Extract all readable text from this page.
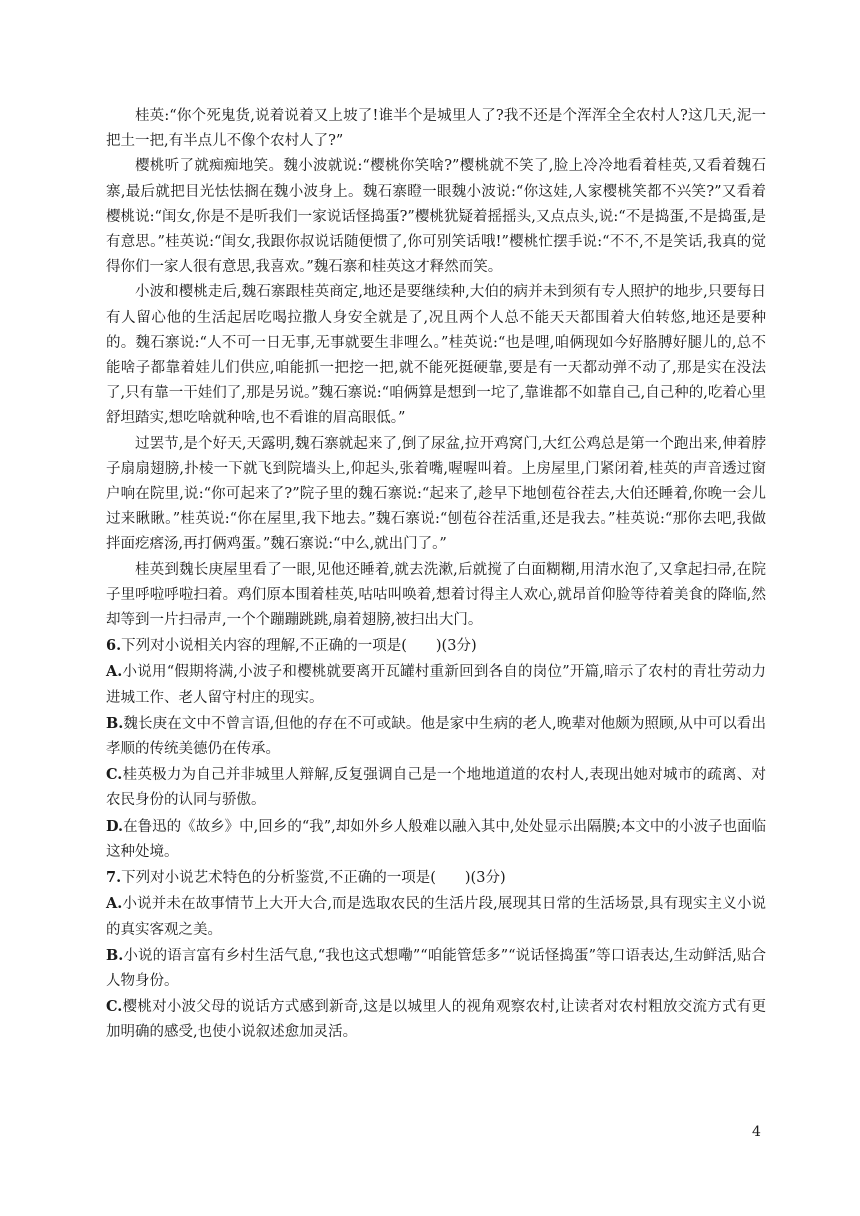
桂英:“你个死鬼货,说着说着又上坡了!谁半个是城里人了?我不还是个浑浑全全农村人?这几天,泥一把土一把,有半点儿不像个农村人了?”

樱桃听了就痴痴地笑。魏小波就说:“樱桃你笑啥?”樱桃就不笑了,脸上冷冷地看着桂英,又看着魏石寨,最后就把目光怯怯搁在魏小波身上。魏石寨瞪一眼魏小波说:“你这娃,人家樱桃笑都不兴笑?”又看着樱桃说:“闺女,你是不是听我们一家说话怪捣蛋?”樱桃犹疑着摇摇头,又点点头,说:“不是捣蛋,不是捣蛋,是有意思。”桂英说:“闺女,我跟你叔说话随便惯了,你可别笑话哦!”樱桃忙摆手说:“不不,不是笑话,我真的觉得你们一家人很有意思,我喜欢。”魏石寨和桂英这才释然而笑。

小波和樱桃走后,魏石寨跟桂英商定,地还是要继续种,大伯的病并未到须有专人照护的地步,只要每日有人留心他的生活起居吃喝拉撒人身安全就是了,况且两个人总不能天天都围着大伯转悠,地还是要种的。魏石寨说:“人不可一日无事,无事就要生非哩么。”桂英说:“也是哩,咱俩现如今好胳膊好腿儿的,总不能啥子都靠着娃儿们供应,咱能抓一把挖一把,就不能死挺硬靠,要是有一天都动弹不动了,那是实在没法了,只有靠一干娃们了,那是另说。”魏石寨说:“咱俩算是想到一坨了,靠谁都不如靠自己,自己种的,吃着心里舒坦踏实,想吃啥就种啥,也不看谁的眉高眼低。”

过罢节,是个好天,天露明,魏石寨就起来了,倒了尿盆,拉开鸡窝门,大红公鸡总是第一个跑出来,伸着脖子扇扇翅膀,扑棱一下就飞到院墙头上,仰起头,张着嘴,喔喔叫着。上房屋里,门紧闭着,桂英的声音透过窗户响在院里,说:“你可起来了?”院子里的魏石寨说:“起来了,趁早下地刨苞谷茬去,大伯还睡着,你晚一会儿过来瞅瞅。”桂英说:“你在屋里,我下地去。”魏石寨说:“刨苞谷茬活重,还是我去。”桂英说:“那你去吧,我做拌面疙瘩汤,再打俩鸡蛋。”魏石寨说:“中么,就出门了。”

桂英到魏长庚屋里看了一眼,见他还睡着,就去洗漱,后就搅了白面糊糊,用清水泡了,又拿起扫帚,在院子里呼啦呼啦扫着。鸡们原本围着桂英,咕咕叫唤着,想着讨得主人欢心,就昂首仰脸等待着美食的降临,然却等到一片扫帚声,一个个蹦蹦跳跳,扇着翅膀,被扫出大门。

6.下列对小说相关内容的理解,不正确的一项是(　　)(3分)
A.小说用“假期将满,小波子和樱桃就要离开瓦罐村重新回到各自的岗位”开篇,暗示了农村的青壮劳动力进城工作、老人留守村庄的现实。
B.魏长庚在文中不曾言语,但他的存在不可或缺。他是家中生病的老人,晚辈对他颇为照顾,从中可以看出孝顺的传统美德仍在传承。
C.桂英极力为自己并非城里人辩解,反复强调自己是一个地地道道的农村人,表现出她对城市的疏离、对农民身份的认同与骄傲。
D.在鲁迅的《故乡》中,回乡的“我”,却如外乡人般难以融入其中,处处显示出隔膜;本文中的小波子也面临这种处境。
7.下列对小说艺术特色的分析鉴赏,不正确的一项是(　　)(3分)
A.小说并未在故事情节上大开大合,而是选取农民的生活片段,展现其日常的生活场景,具有现实主义小说的真实客观之美。
B.小说的语言富有乡村生活气息,“我也这式想嘞”“咱能管恁多”“说话怪捣蛋”等口语表达,生动鲜活,贴合人物身份。
C.樱桃对小波父母的说话方式感到新奇,这是以城里人的视角观察农村,让读者对农村粗放交流方式有更加明确的感受,也使小说叙述愈加灵活。
4
